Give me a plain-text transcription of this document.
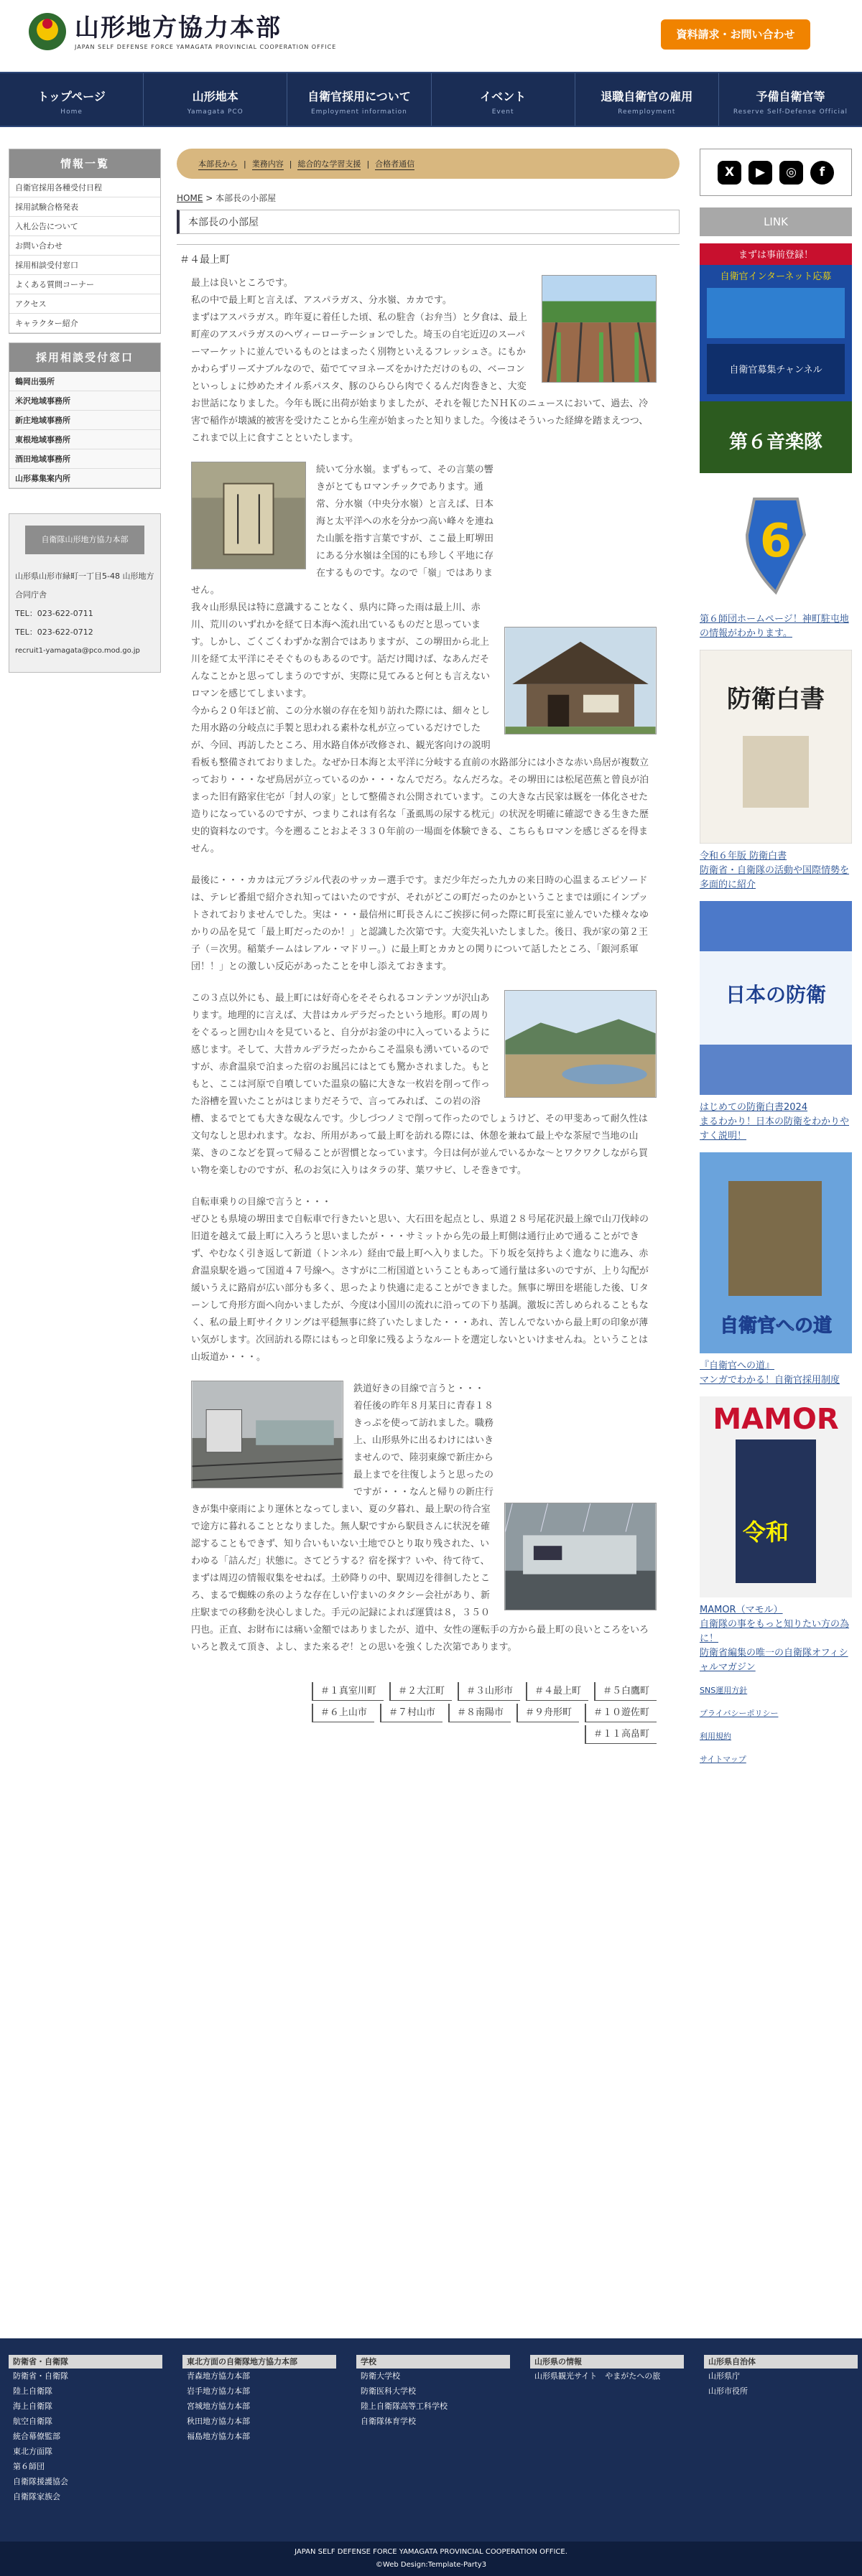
山形地方協力本部
JAPAN SELF DEFENSE FORCE YAMAGATA PROVINCIAL COOPERATION OFFICE
資料請求・お問い合わせ
トップページ
Home
山形地本
Yamagata PCO
自衛官採用について
Employment information
イベント
Event
退職自衛官の雇用
Reemployment
予備自衛官等
Reserve Self-Defense Official
情報一覧
自衛官採用各種受付日程
採用試験合格発表
入札公告について
お問い合わせ
採用相談受付窓口
よくある質問コーナー
アクセス
キャラクター紹介
採用相談受付窓口
鶴岡出張所
米沢地域事務所
新庄地域事務所
東根地域事務所
酒田地域事務所
山形募集案内所
自衛隊山形地方協力本部

山形県山形市緑町一丁目5-48 山形地方合同庁舎

TEL：023-622-0711

TEL：023-622-0712

recruit1-yamagata@pco.mod.go.jp

本部長から | 業務内容 | 総合的な学習支援 | 合格者通信
HOME > 本部長の小部屋
本部長の小部屋
＃４最上町
最上は良いところです。
私の中で最上町と言えば、アスパラガス、分水嶺、カカです。
まずはアスパラガス。昨年夏に着任した頃、私の駐舎（お弁当）と夕食は、最上町産のアスパラガスのヘヴィーローテーションでした。埼玉の自宅近辺のスーパーマーケットに並んでいるものとはまったく別物といえるフレッシュさ。にもかかわらずリーズナブルなので、茹でてマヨネーズをかけただけのもの、ベーコンといっしょに炒めたオイル系パスタ、豚のひらひら肉でくるんだ肉巻きと、大変お世話になりました。今年も既に出荷が始まりましたが、それを報じたＮＨＫのニュースにおいて、過去、冷害で稲作が壊滅的被害を受けたことから生産が始まったと知りました。今後はそういった経緯を踏まえつつ、これまで以上に食すことといたします。
続いて分水嶺。まずもって、その言葉の響きがとてもロマンチックであります。通常、分水嶺（中央分水嶺）と言えば、日本海と太平洋への水を分かつ高い峰々を連ねた山脈を指す言葉ですが、ここ最上町堺田にある分水嶺は全国的にも珍しく平地に存在するものです。なので「嶺」ではありません。
我々山形県民は特に意識することなく、県内に降った雨は最上川、赤川、荒川のいずれかを経て日本海へ流れ出ているものだと思っています。しかし、ごくごくわずかな割合ではありますが、この堺田から北上川を経て太平洋にそそぐものもあるのです。話だけ聞けば、なあんだそんなことかと思ってしまうのですが、実際に見てみると何とも言えないロマンを感じてしまいます。
今から２０年ほど前、この分水嶺の存在を知り訪れた際には、細々とした用水路の分岐点に手製と思われる素朴な札が立っているだけでしたが、今回、再訪したところ、用水路自体が改修され、観光客向けの説明看板も整備されておりました。なぜか日本海と太平洋に分岐する直前の水路部分には小さな赤い鳥居が複数立っており・・・なぜ鳥居が立っているのか・・・なんでだろ。なんだろな。その堺田には松尾芭蕉と曾良が泊まった旧有路家住宅が「封人の家」として整備され公開されています。この大きな古民家は厩を一体化させた造りになっているのですが、つまりこれは有名な「蚤虱馬の尿する枕元」の状況を明確に確認できる生きた歴史的資料なのです。今を遡ることおよそ３３０年前の一場面を体験できる、こちらもロマンを感じざるを得ません。
最後に・・・カカは元ブラジル代表のサッカー選手です。まだ少年だった九カの来日時の心温まるエピソードは、テレビ番組で紹介され知ってはいたのですが、それがどこの町だったのかということまでは頭にインプットされておりませんでした。実は・・・最信州に町長さんにご挨拶に伺った際に町長室に並んでいた様々なゆかりの品を見て「最上町だったのか！」と認識した次第です。大変失礼いたしました。後日、我が家の第２王子（＝次男。稲葉チームはレアル・マドリー。）に最上町とカカとの関りについて話したところ、「銀河系軍団！！」との激しい反応があったことを申し添えておきます。
この３点以外にも、最上町には好奇心をそそられるコンテンツが沢山あります。地理的に言えば、大昔はカルデラだったという地形。町の周りをぐるっと囲む山々を見ていると、自分がお釜の中に入っているように感じます。そして、大昔カルデラだったからこそ温泉も湧いているのですが、赤倉温泉で泊まった宿のお風呂にはとても驚かされました。もともと、ここは河原で自噴していた温泉の脇に大きな一枚岩を削って作った浴槽を置いたことがはじまりだそうで、言ってみれば、この岩の浴槽、まるでとても大きな硯なんです。少しづつノミで削って作ったのでしょうけど、その甲斐あって耐久性は文句なしと思われます。なお、所用があって最上町を訪れる際には、休憩を兼ねて最上やな茶屋で当地の山菜、きのこなどを買って帰ることが習慣となっています。今日は何が並んでいるかな～とワクワクしながら買い物を楽しむのですが、私のお気に入りはタラの芽、葉ワサビ、しそ巻きです。
自転車乗りの目線で言うと・・・
ぜひとも県境の堺田まで自転車で行きたいと思い、大石田を起点とし、県道２８号尾花沢最上線で山刀伐峠の旧道を越えて最上町に入ろうと思いましたが・・・サミットから先の最上町側は通行止めで通ることができず、やむなく引き返して新道（トンネル）経由で最上町へ入りました。下り坂を気持ちよく進なりに進み、赤倉温泉駅を過って国道４７号線へ。さすがに二桁国道ということもあって通行量は多いのですが、上り勾配が緩いうえに路肩が広い部分も多く、思ったより快適に走ることができました。無事に堺田を堪能した後、Ｕターンして舟形方面へ向かいましたが、今度は小国川の流れに沿っての下り基調。激坂に苦しめられることもなく、私の最上町サイクリングは平穏無事に終了いたしました・・・あれ、苦しんでないから最上町の印象が薄い気がします。次回訪れる際にはもっと印象に残るようなルートを選定しないといけませんね。ということは山坂道か・・・。
鉄道好きの目線で言うと・・・
着任後の昨年８月某日に青春１８きっぷを使って訪れました。職務上、山形県外に出るわけにはいきませんので、陸羽東線で新庄から最上までを往復しようと思ったのですが・・・なんと帰りの新庄行きが集中豪雨により運休となってしまい、夏の夕暮れ、最上駅の待合室で途方に暮れることとなりました。無人駅ですから駅員さんに状況を確認することもできず、知り合いもいない土地でひとり取り残された、いわゆる「詰んだ」状態に。さてどうする？宿を探す？いや、待て待て、まずは周辺の情報収集をせねば。土砂降りの中、駅周辺を徘徊したところ、まるで蜘蛛の糸のような存在しい佇まいのタクシー会社があり、新庄駅までの移動を決心しました。手元の記録によれば運賃は８，３５０円也。正直、お財布には痛い金額ではありましたが、道中、女性の運転手の方から最上町の良いところをいろいろと教えて頂き、よし、また来るぞ！との思いを強くした次第であります。
＃１真室川町 ＃２大江町 ＃３山形市 ＃４最上町 ＃５白鷹町
＃６上山市 ＃７村山市 ＃８南陽市 ＃９舟形町 ＃１０遊佐町
＃１１高畠町
X	▶	◎	f
LINK
まずは事前登録！
自衛官インターネット応募
自衛官募集チャンネル
第６音楽隊
6
第６師団ホームページ！神町駐屯地の情報がわかります。
防衛白書
令和６年版 防衛白書
防衛省・自衛隊の活動や国際情勢を多面的に紹介
日本の防衛
はじめての防衛白書2024
まるわかり！日本の防衛をわかりやすく説明！
自衛官への道
『自衛官への道』
マンガでわかる！自衛官採用制度
MAMOR
令和
MAMOR（マモル）
自衛隊の事をもっと知りたい方の為に！
防衛省編集の唯一の自衛隊オフィシャルマガジン
SNS運用方針
プライバシーポリシー
利用規約
サイトマップ
防衛省・自衛隊
防衛省・自衛隊
陸上自衛隊
海上自衛隊
航空自衛隊
統合幕僚監部
東北方面隊
第６師団
自衛隊援護協会
自衛隊家族会
東北方面の自衛隊地方協力本部
青森地方協力本部
岩手地方協力本部
宮城地方協力本部
秋田地方協力本部
福島地方協力本部
学校
防衛大学校
防衛医科大学校
陸上自衛隊高等工科学校
自衛隊体育学校
山形県の情報
山形県観光サイト　やまがたへの旅
山形県自治体
山形県庁
山形市役所
JAPAN SELF DEFENSE FORCE YAMAGATA PROVINCIAL COOPERATION OFFICE.
©Web Design:Template-Party3
